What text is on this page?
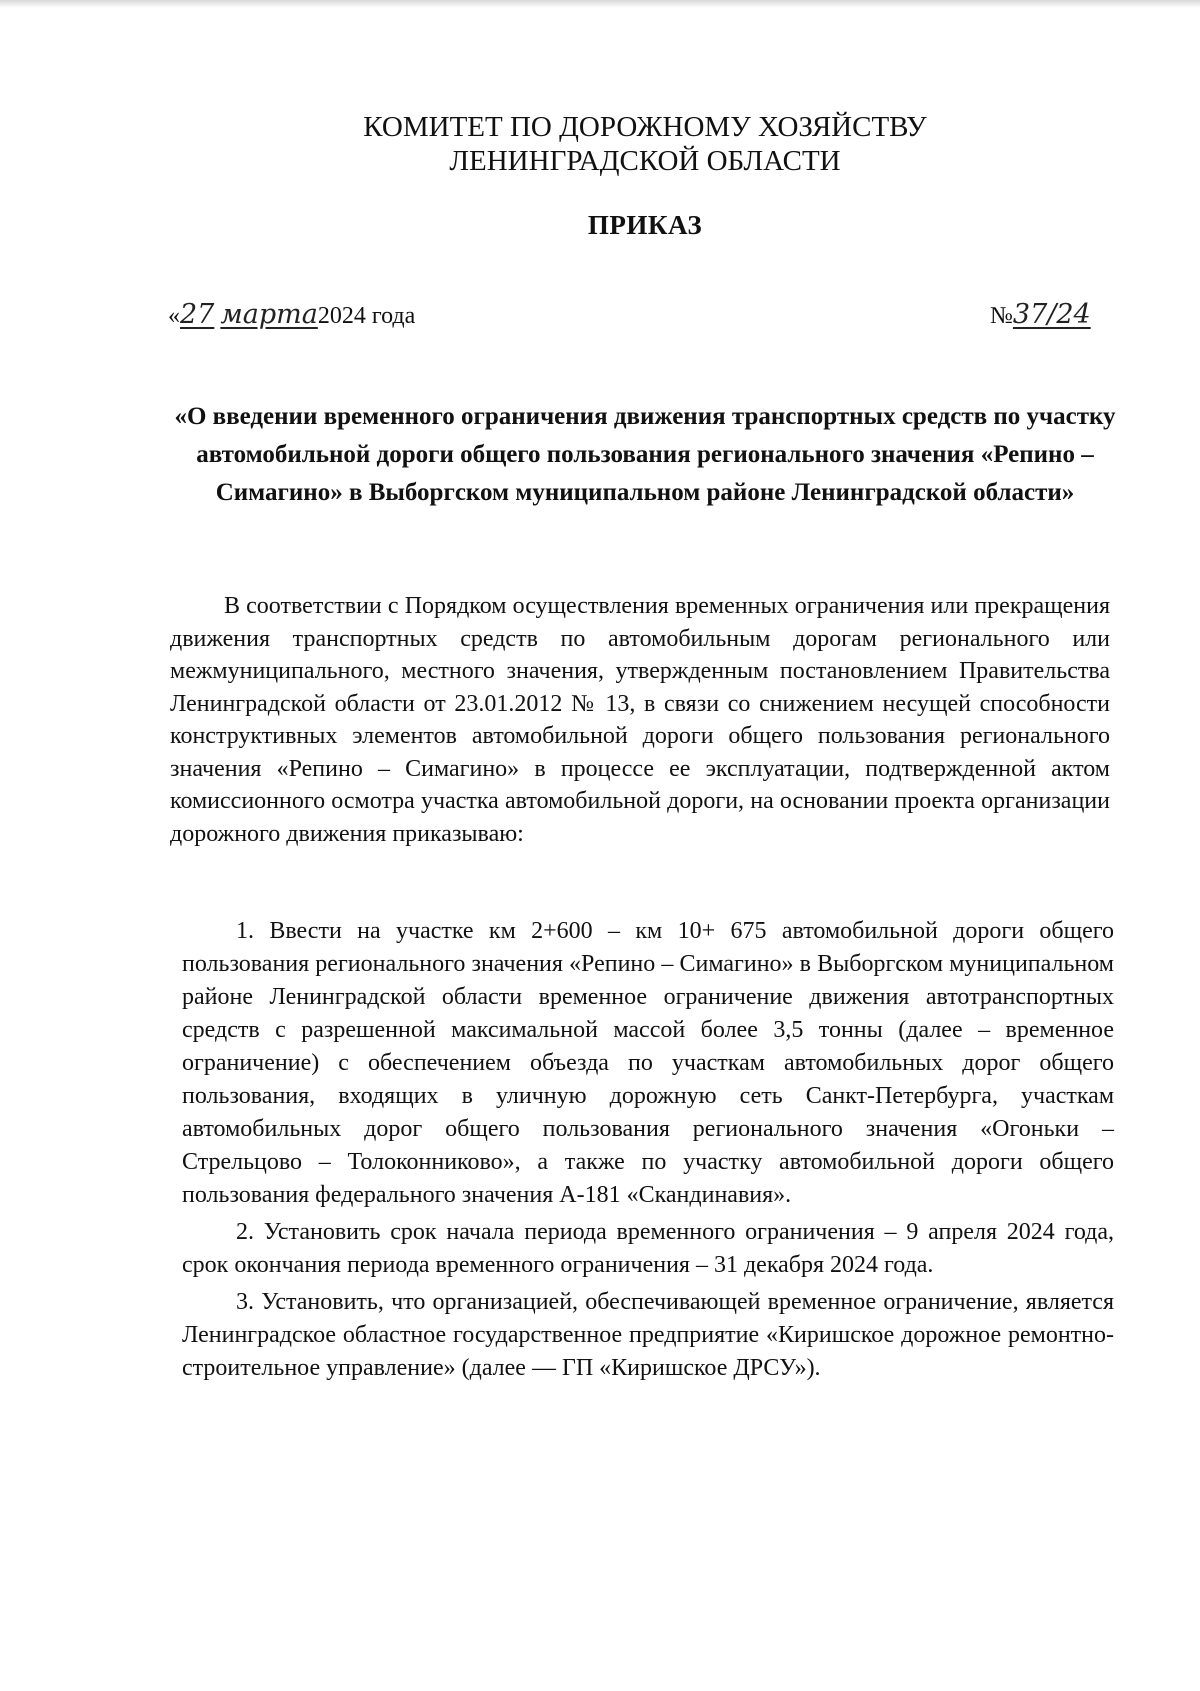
КОМИТЕТ ПО ДОРОЖНОМУ ХОЗЯЙСТВУ
ЛЕНИНГРАДСКОЙ ОБЛАСТИ
ПРИКАЗ
«27 марта2024 года	№37/24
«О введении временного ограничения движения транспортных средств по участку автомобильной дороги общего пользования регионального значения «Репино – Симагино» в Выборгском муниципальном районе Ленинградской области»

В соответствии с Порядком осуществления временных ограничения или прекращения движения транспортных средств по автомобильным дорогам регионального или межмуниципального, местного значения, утвержденным постановлением Правительства Ленинградской области от 23.01.2012 № 13, в связи со снижением несущей способности конструктивных элементов автомобильной дороги общего пользования регионального значения «Репино – Симагино» в процессе ее эксплуатации, подтвержденной актом комиссионного осмотра участка автомобильной дороги, на основании проекта организации дорожного движения приказываю:

1. Ввести на участке км 2+600 – км 10+ 675 автомобильной дороги общего пользования регионального значения «Репино – Симагино» в Выборгском муниципальном районе Ленинградской области временное ограничение движения автотранспортных средств с разрешенной максимальной массой более 3,5 тонны (далее – временное ограничение) с обеспечением объезда по участкам автомобильных дорог общего пользования, входящих в уличную дорожную сеть Санкт-Петербурга, участкам автомобильных дорог общего пользования регионального значения «Огоньки – Стрельцово – Толоконниково», а также по участку автомобильной дороги общего пользования федерального значения А-181 «Скандинавия».

2. Установить срок начала периода временного ограничения – 9 апреля 2024 года, срок окончания периода временного ограничения – 31 декабря 2024 года.

3. Установить, что организацией, обеспечивающей временное ограничение, является Ленинградское областное государственное предприятие «Киришское дорожное ремонтно-строительное управление» (далее — ГП «Киришское ДРСУ»).
